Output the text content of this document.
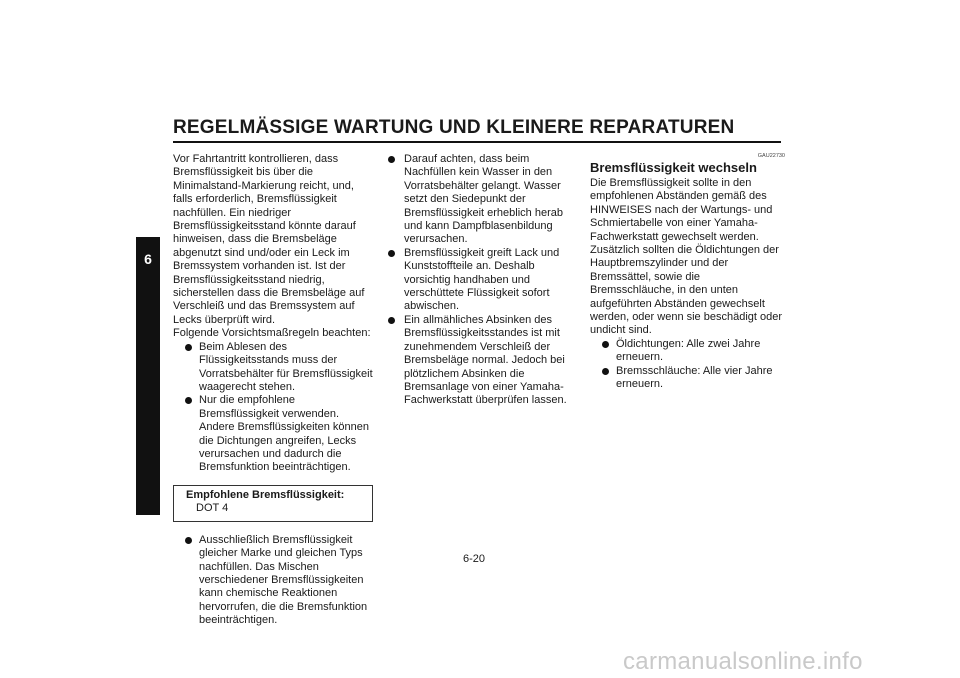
REGELMÄSSIGE WARTUNG UND KLEINERE REPARATUREN
6

Vor Fahrtantritt kontrollieren, dass Bremsflüssigkeit bis über die Minimalstand-Markierung reicht, und, falls erforderlich, Bremsflüssigkeit nachfüllen. Ein niedriger Bremsflüssigkeitsstand könnte darauf hinweisen, dass die Bremsbeläge abgenutzt sind und/oder ein Leck im Bremssystem vorhanden ist. Ist der Bremsflüssigkeitsstand niedrig, sicherstellen dass die Bremsbeläge auf Verschleiß und das Bremssystem auf Lecks überprüft wird.

Folgende Vorsichtsmaßregeln beachten:

Beim Ablesen des Flüssigkeitsstands muss der Vorratsbehälter für Bremsflüssigkeit waagerecht stehen.
Nur die empfohlene Bremsflüssigkeit verwenden. Andere Bremsflüssigkeiten können die Dichtungen angreifen, Lecks verursachen und dadurch die Bremsfunktion beeinträchtigen.
Empfohlene Bremsflüssigkeit:
DOT 4
Ausschließlich Bremsflüssigkeit gleicher Marke und gleichen Typs nachfüllen. Das Mischen verschiedener Bremsflüssigkeiten kann chemische Reaktionen hervorrufen, die die Bremsfunktion beeinträchtigen.
Darauf achten, dass beim Nachfüllen kein Wasser in den Vorratsbehälter gelangt. Wasser setzt den Siedepunkt der Bremsflüssigkeit erheblich herab und kann Dampfblasenbildung verursachen.
Bremsflüssigkeit greift Lack und Kunststoffteile an. Deshalb vorsichtig handhaben und verschüttete Flüssigkeit sofort abwischen.
Ein allmähliches Absinken des Bremsflüssigkeitsstandes ist mit zunehmendem Verschleiß der Bremsbeläge normal. Jedoch bei plötzlichem Absinken die Bremsanlage von einer Yamaha-Fachwerkstatt überprüfen lassen.
GAU22730
Bremsflüssigkeit wechseln

Die Bremsflüssigkeit sollte in den empfohlenen Abständen gemäß des HINWEISES nach der Wartungs- und Schmiertabelle von einer Yamaha-Fachwerkstatt gewechselt werden. Zusätzlich sollten die Öldichtungen der Hauptbremszylinder und der Bremssättel, sowie die Bremsschläuche, in den unten aufgeführten Abständen gewechselt werden, oder wenn sie beschädigt oder undicht sind.

Öldichtungen: Alle zwei Jahre erneuern.
Bremsschläuche: Alle vier Jahre erneuern.
6-20
carmanualsonline.info
